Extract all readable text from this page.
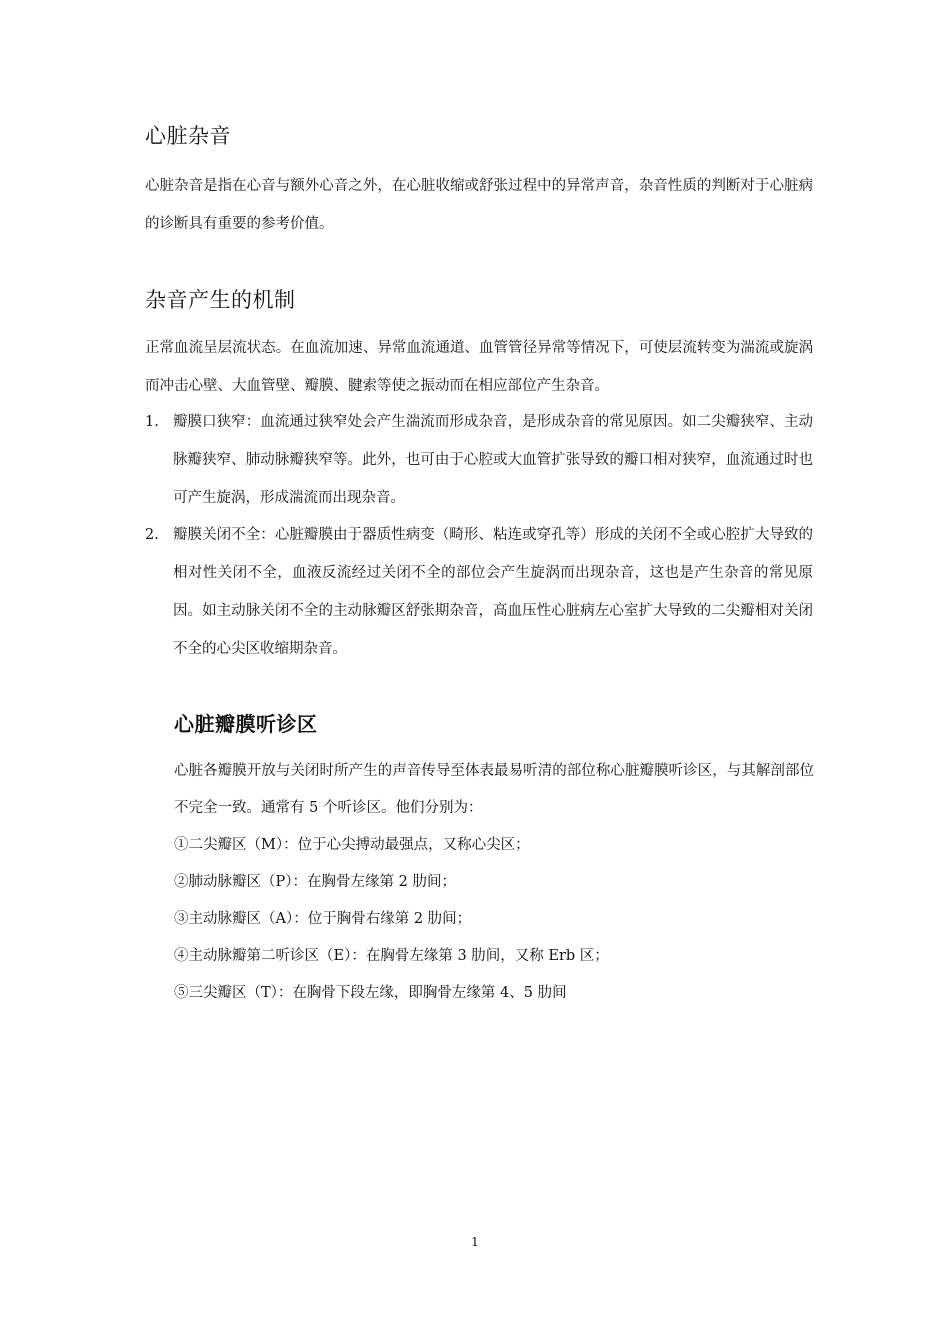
心脏杂音

心脏杂音是指在心音与额外心音之外，在心脏收缩或舒张过程中的异常声音，杂音性质的判断对于心脏病的诊断具有重要的参考价值。

杂音产生的机制

正常血流呈层流状态。在血流加速、异常血流通道、血管管径异常等情况下，可使层流转变为湍流或旋涡而冲击心壁、大血管壁、瓣膜、腱索等使之振动而在相应部位产生杂音。

1. 瓣膜口狭窄：血流通过狭窄处会产生湍流而形成杂音，是形成杂音的常见原因。如二尖瓣狭窄、主动脉瓣狭窄、肺动脉瓣狭窄等。此外，也可由于心腔或大血管扩张导致的瓣口相对狭窄，血流通过时也可产生旋涡，形成湍流而出现杂音。
2. 瓣膜关闭不全：心脏瓣膜由于器质性病变（畸形、粘连或穿孔等）形成的关闭不全或心腔扩大导致的相对性关闭不全，血液反流经过关闭不全的部位会产生旋涡而出现杂音，这也是产生杂音的常见原因。如主动脉关闭不全的主动脉瓣区舒张期杂音，高血压性心脏病左心室扩大导致的二尖瓣相对关闭不全的心尖区收缩期杂音。
心脏瓣膜听诊区

心脏各瓣膜开放与关闭时所产生的声音传导至体表最易听清的部位称心脏瓣膜听诊区，与其解剖部位不完全一致。通常有 5 个听诊区。他们分别为：

①二尖瓣区（M）：位于心尖搏动最强点，又称心尖区；
②肺动脉瓣区（P）：在胸骨左缘第 2 肋间；
③主动脉瓣区（A）：位于胸骨右缘第 2 肋间；
④主动脉瓣第二听诊区（E）：在胸骨左缘第 3 肋间，又称 Erb 区；
⑤三尖瓣区（T）：在胸骨下段左缘，即胸骨左缘第 4、5 肋间
1
